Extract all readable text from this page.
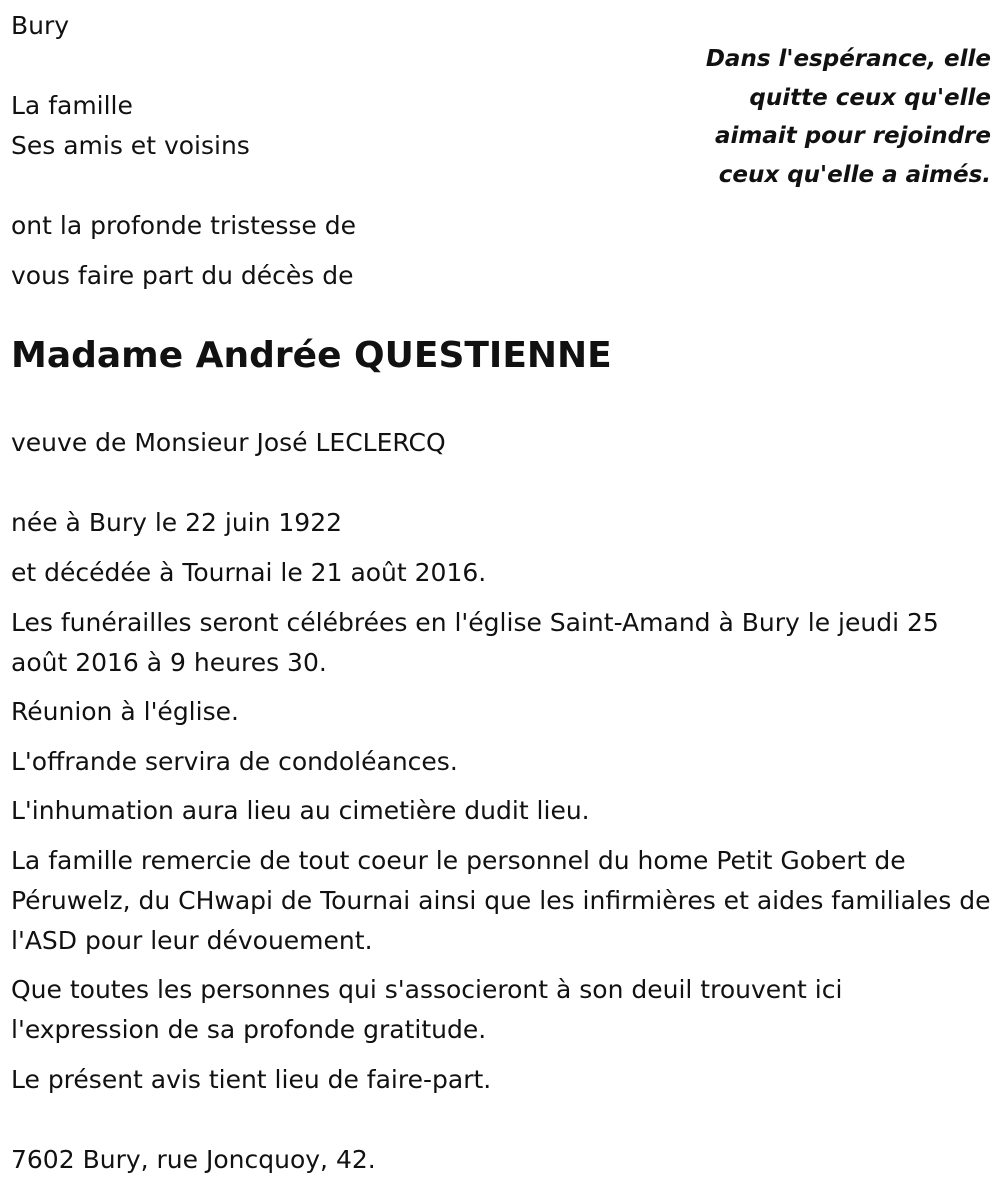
Bury

La famille

Ses amis et voisins

ont la profonde tristesse de

vous faire part du décès de

Dans l'espérance, elle quitte ceux qu'elle aimait pour rejoindre ceux qu'elle a aimés.

Madame Andrée QUESTIENNE

veuve de Monsieur José LECLERCQ

née à Bury le 22 juin 1922

et décédée à Tournai le 21 août 2016.

Les funérailles seront célébrées en l'église Saint-Amand à Bury le jeudi 25 août 2016 à 9 heures 30.

Réunion à l'église.

L'offrande servira de condoléances.

L'inhumation aura lieu au cimetière dudit lieu.

La famille remercie de tout coeur le personnel du home Petit Gobert de Péruwelz, du CHwapi de Tournai ainsi que les infirmières et aides familiales de l'ASD pour leur dévouement.

Que toutes les personnes qui s'associeront à son deuil trouvent ici l'expression de sa profonde gratitude.

Le présent avis tient lieu de faire-part.

7602 Bury, rue Joncquoy, 42.
